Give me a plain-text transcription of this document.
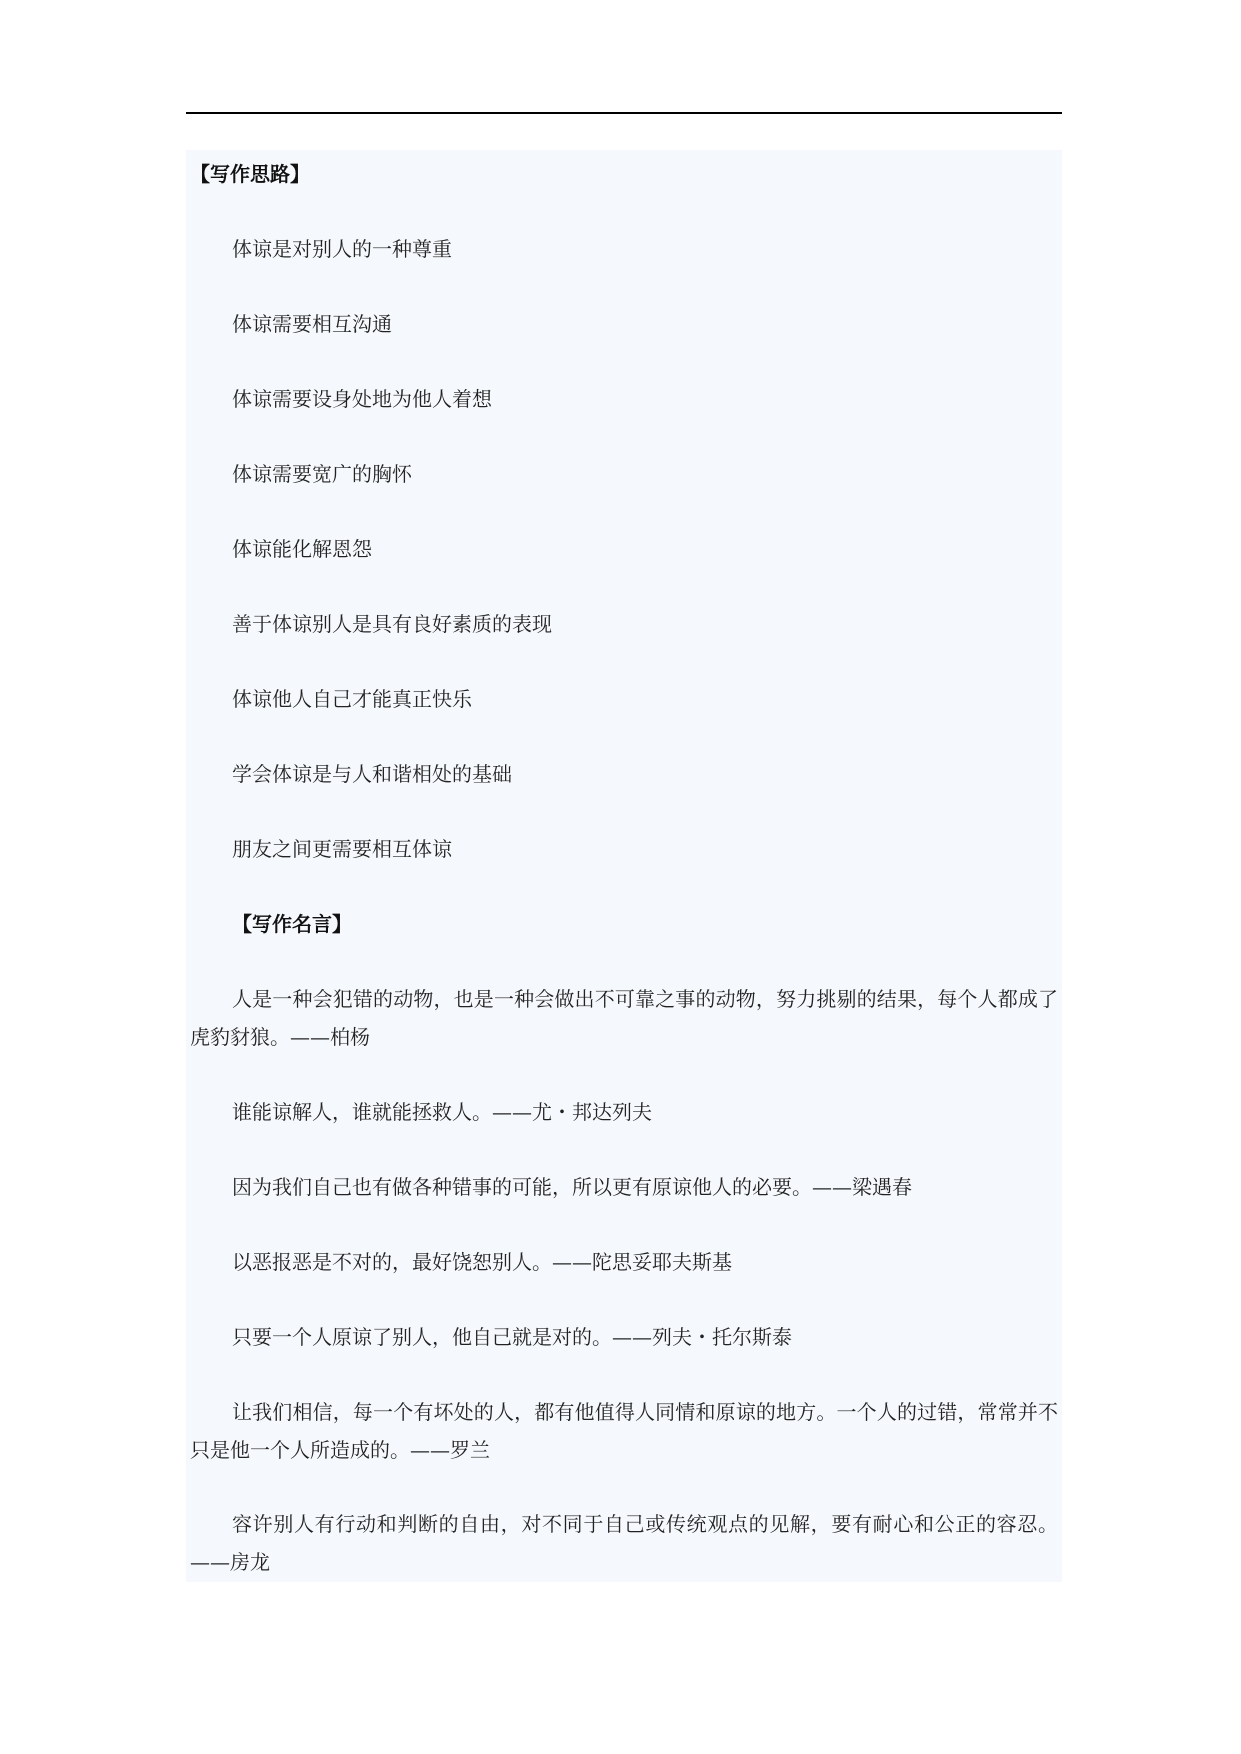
【写作思路】
体谅是对别人的一种尊重
体谅需要相互沟通
体谅需要设身处地为他人着想
体谅需要宽广的胸怀
体谅能化解恩怨
善于体谅别人是具有良好素质的表现
体谅他人自己才能真正快乐
学会体谅是与人和谐相处的基础
朋友之间更需要相互体谅
【写作名言】
人是一种会犯错的动物，也是一种会做出不可靠之事的动物，努力挑剔的结果，每个人都成了虎豹豺狼。——柏杨
谁能谅解人，谁就能拯救人。——尤・邦达列夫
因为我们自己也有做各种错事的可能，所以更有原谅他人的必要。——梁遇春
以恶报恶是不对的，最好饶恕别人。——陀思妥耶夫斯基
只要一个人原谅了别人，他自己就是对的。——列夫・托尔斯泰
让我们相信，每一个有坏处的人，都有他值得人同情和原谅的地方。一个人的过错，常常并不只是他一个人所造成的。——罗兰
容许别人有行动和判断的自由，对不同于自己或传统观点的见解，要有耐心和公正的容忍。——房龙
